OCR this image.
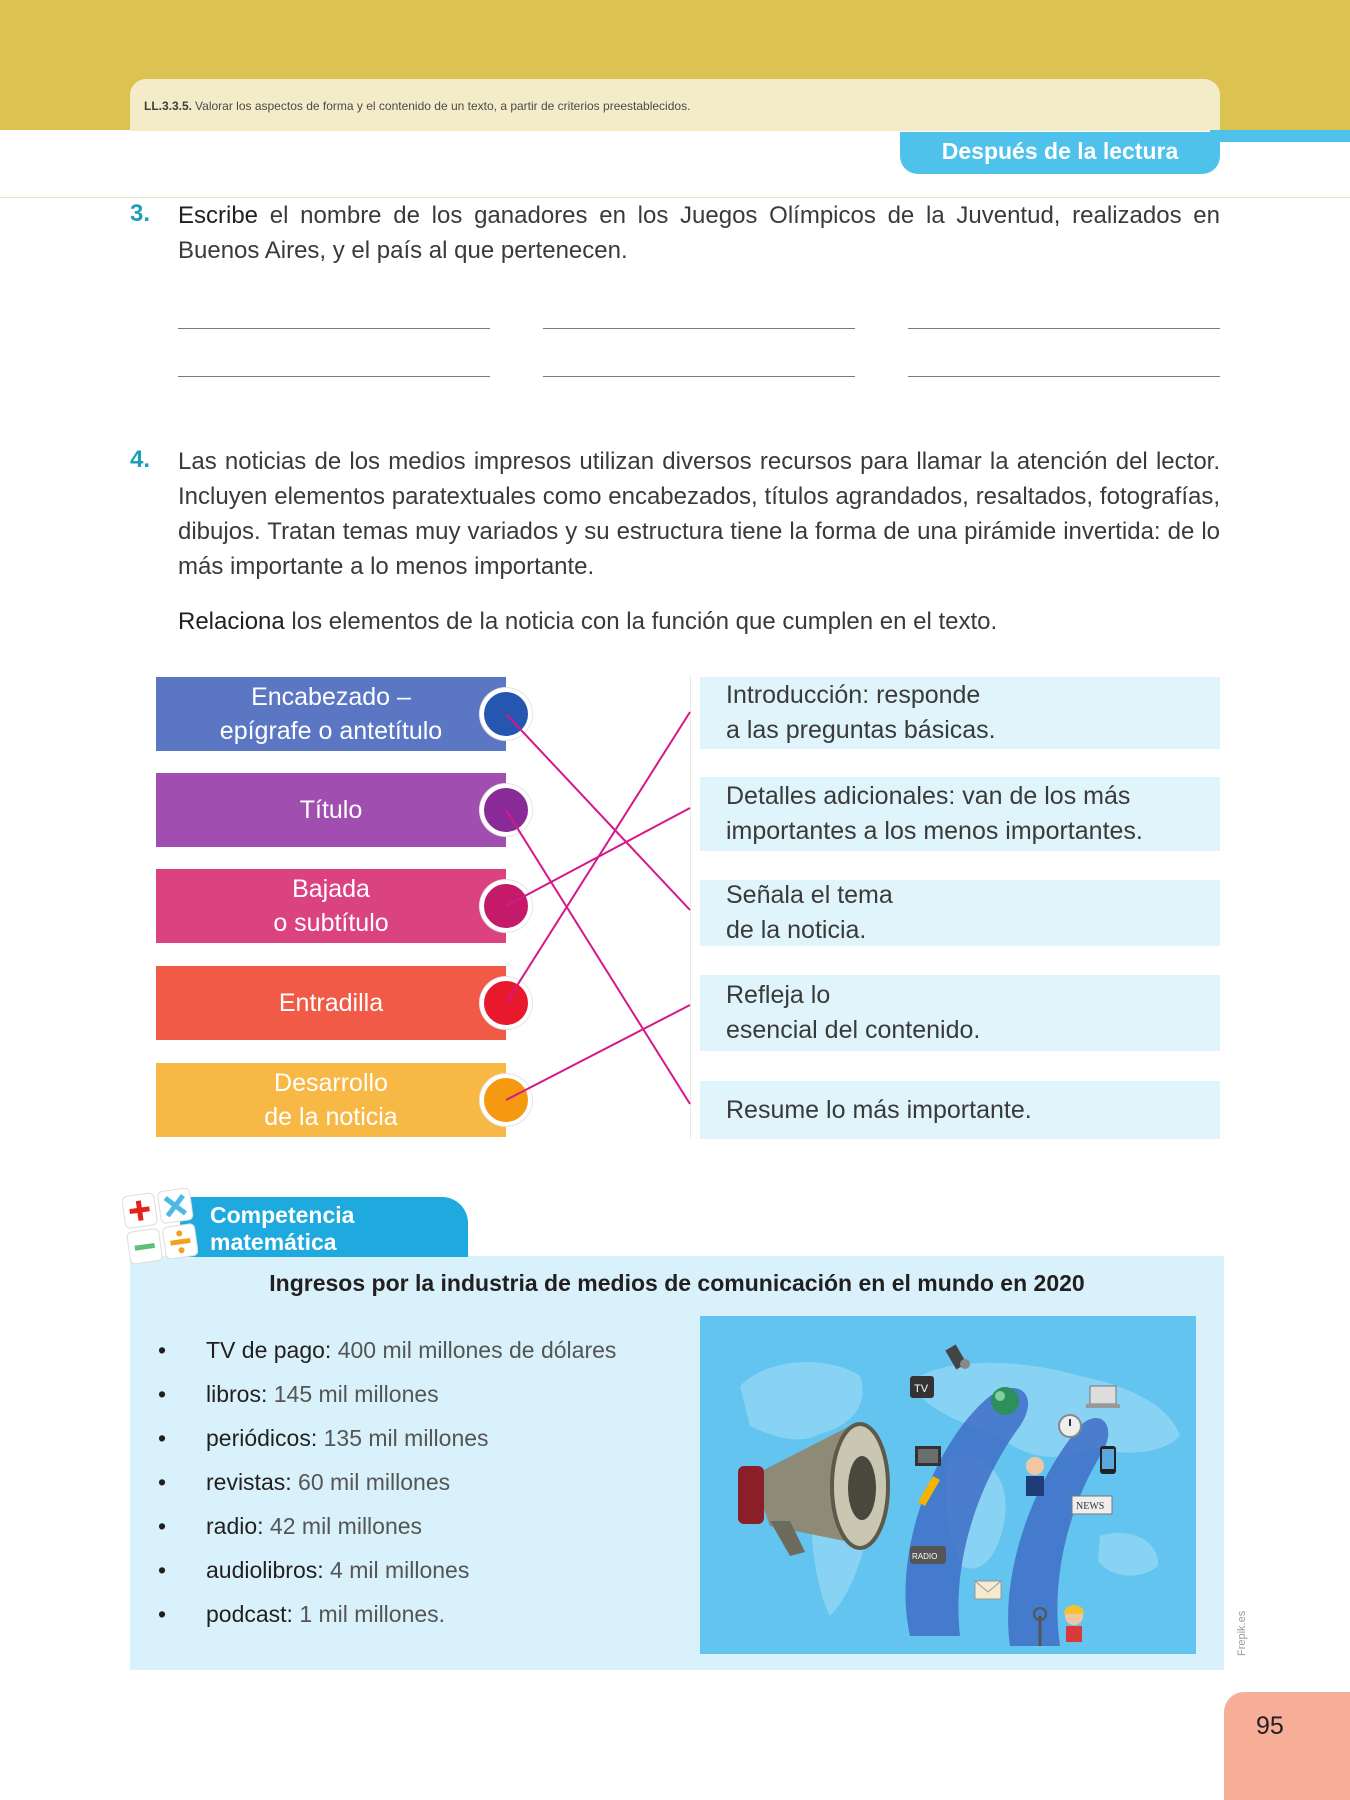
LL.3.3.5. Valorar los aspectos de forma y el contenido de un texto, a partir de criterios preestablecidos.
Después de la lectura
3. Escribe el nombre de los ganadores en los Juegos Olímpicos de la Juventud, realizados en Buenos Aires, y el país al que pertenecen.
4. Las noticias de los medios impresos utilizan diversos recursos para llamar la atención del lector. Incluyen elementos paratextuales como encabezados, títulos agrandados, resaltados, fotografías, dibujos. Tratan temas muy variados y su estructura tiene la forma de una pirámide invertida: de lo más importante a lo menos importante.
Relaciona los elementos de la noticia con la función que cumplen en el texto.
Encabezado –
epígrafe o antetítulo
Título
Bajada
o subtítulo
Entradilla
Desarrollo
de la noticia
Introducción: responde
a las preguntas básicas.
Detalles adicionales: van de los más
importantes a los menos importantes.
Señala el tema
de la noticia.
Refleja lo
esencial del contenido.
Resume lo más importante.
Competencia
matemática
Ingresos por la industria de medios de comunicación en el mundo en 2020
• TV de pago: 400 mil millones de dólares
• libros: 145 mil millones
• periódicos: 135 mil millones
• revistas: 60 mil millones
• radio: 42 mil millones
• audiolibros: 4 mil millones
• podcast: 1 mil millones.
TV
NEWS
RADIO
Frepik.es
95
